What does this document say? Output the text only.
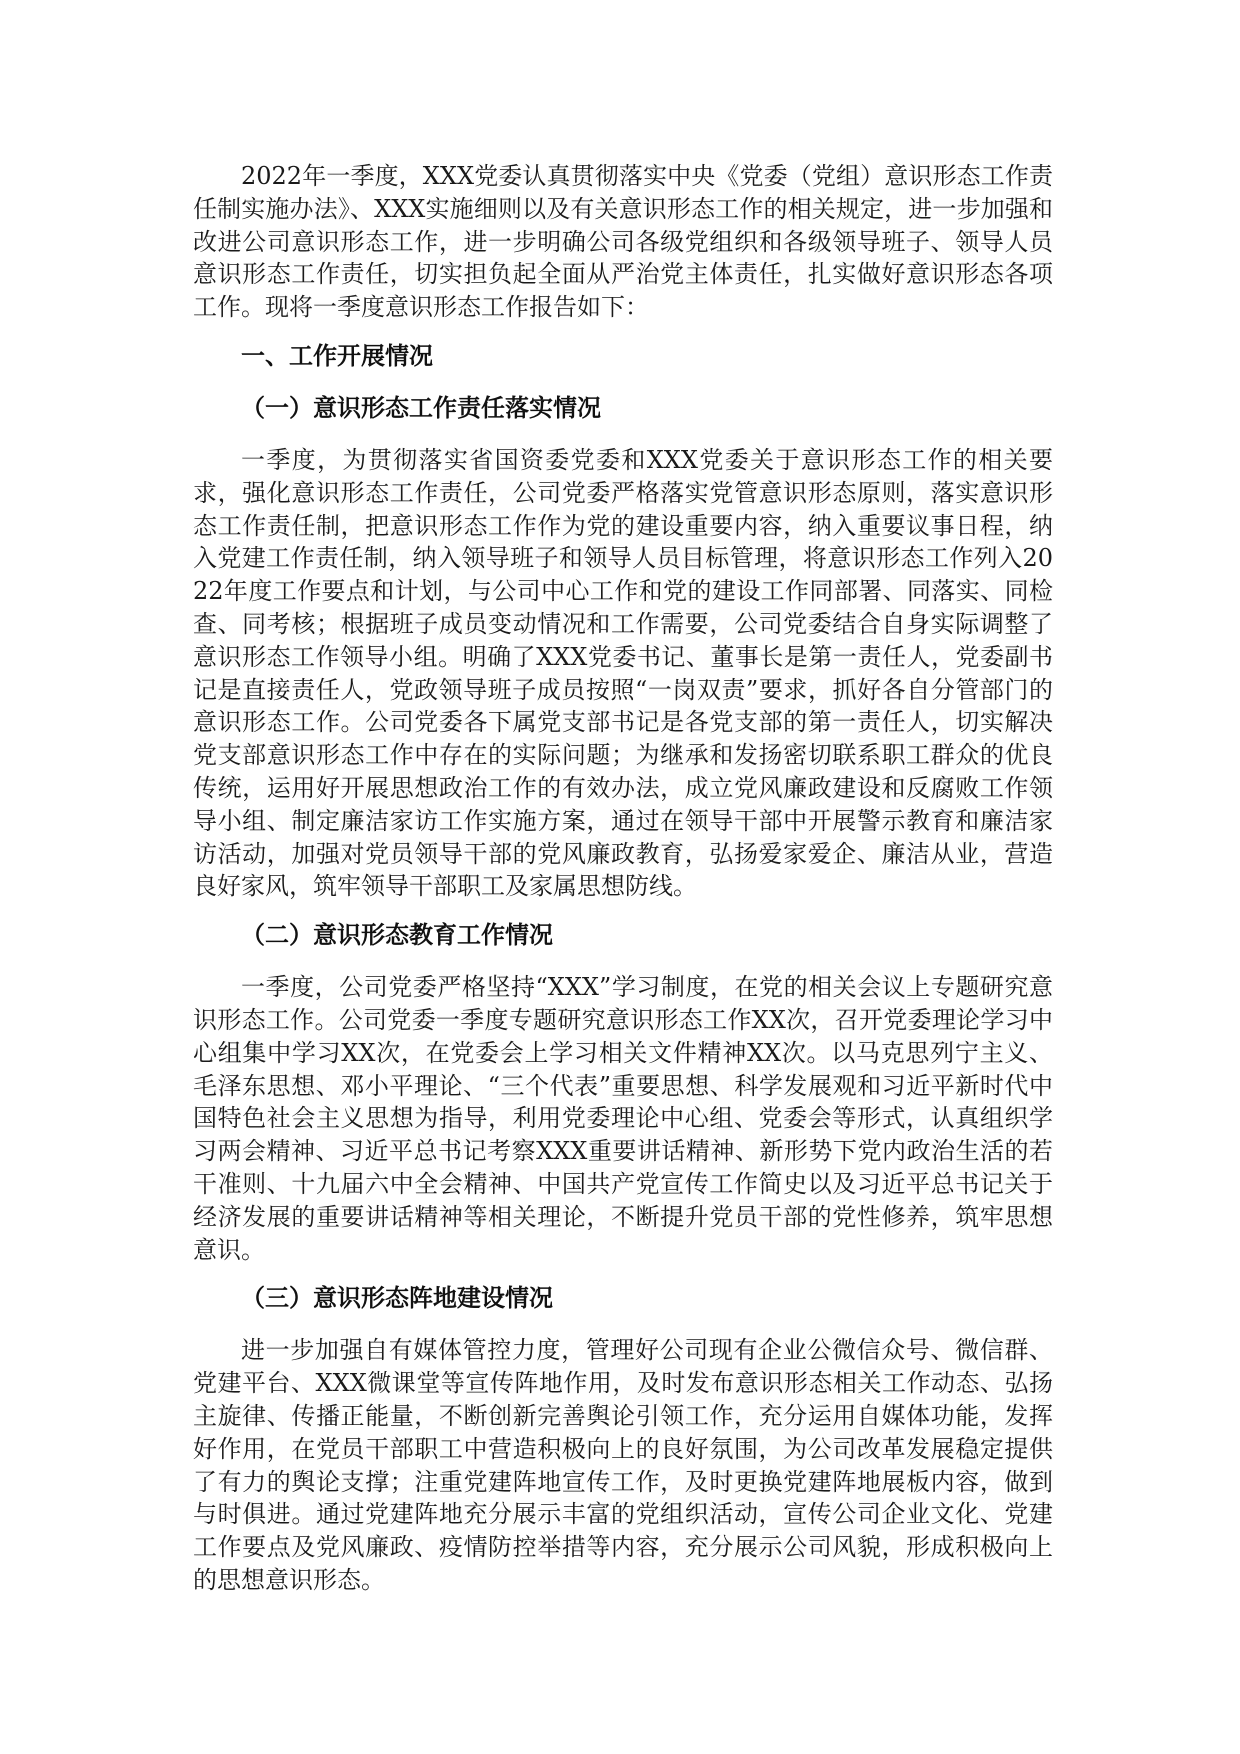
2022年一季度，XXX党委认真贯彻落实中央《党委（党组）意识形态工作责任制实施办法》、XXX实施细则以及有关意识形态工作的相关规定，进一步加强和改进公司意识形态工作，进一步明确公司各级党组织和各级领导班子、领导人员意识形态工作责任，切实担负起全面从严治党主体责任，扎实做好意识形态各项工作。现将一季度意识形态工作报告如下：

一、工作开展情况
（一）意识形态工作责任落实情况

一季度，为贯彻落实省国资委党委和XXX党委关于意识形态工作的相关要求，强化意识形态工作责任，公司党委严格落实党管意识形态原则，落实意识形态工作责任制，把意识形态工作作为党的建设重要内容，纳入重要议事日程，纳入党建工作责任制，纳入领导班子和领导人员目标管理，将意识形态工作列入2022年度工作要点和计划，与公司中心工作和党的建设工作同部署、同落实、同检查、同考核；根据班子成员变动情况和工作需要，公司党委结合自身实际调整了意识形态工作领导小组。明确了XXX党委书记、董事长是第一责任人，党委副书记是直接责任人，党政领导班子成员按照“一岗双责”要求，抓好各自分管部门的意识形态工作。公司党委各下属党支部书记是各党支部的第一责任人，切实解决党支部意识形态工作中存在的实际问题；为继承和发扬密切联系职工群众的优良传统，运用好开展思想政治工作的有效办法，成立党风廉政建设和反腐败工作领导小组、制定廉洁家访工作实施方案，通过在领导干部中开展警示教育和廉洁家访活动，加强对党员领导干部的党风廉政教育，弘扬爱家爱企、廉洁从业，营造良好家风，筑牢领导干部职工及家属思想防线。

（二）意识形态教育工作情况

一季度，公司党委严格坚持“XXX”学习制度，在党的相关会议上专题研究意识形态工作。公司党委一季度专题研究意识形态工作XX次，召开党委理论学习中心组集中学习XX次，在党委会上学习相关文件精神XX次。以马克思列宁主义、毛泽东思想、邓小平理论、“三个代表”重要思想、科学发展观和习近平新时代中国特色社会主义思想为指导，利用党委理论中心组、党委会等形式，认真组织学习两会精神、习近平总书记考察XXX重要讲话精神、新形势下党内政治生活的若干准则、十九届六中全会精神、中国共产党宣传工作简史以及习近平总书记关于经济发展的重要讲话精神等相关理论，不断提升党员干部的党性修养，筑牢思想意识。

（三）意识形态阵地建设情况

进一步加强自有媒体管控力度，管理好公司现有企业公微信众号、微信群、党建平台、XXX微课堂等宣传阵地作用，及时发布意识形态相关工作动态、弘扬主旋律、传播正能量，不断创新完善舆论引领工作，充分运用自媒体功能，发挥好作用，在党员干部职工中营造积极向上的良好氛围，为公司改革发展稳定提供了有力的舆论支撑；注重党建阵地宣传工作，及时更换党建阵地展板内容，做到与时俱进。通过党建阵地充分展示丰富的党组织活动，宣传公司企业文化、党建工作要点及党风廉政、疫情防控举措等内容，充分展示公司风貌，形成积极向上的思想意识形态。
